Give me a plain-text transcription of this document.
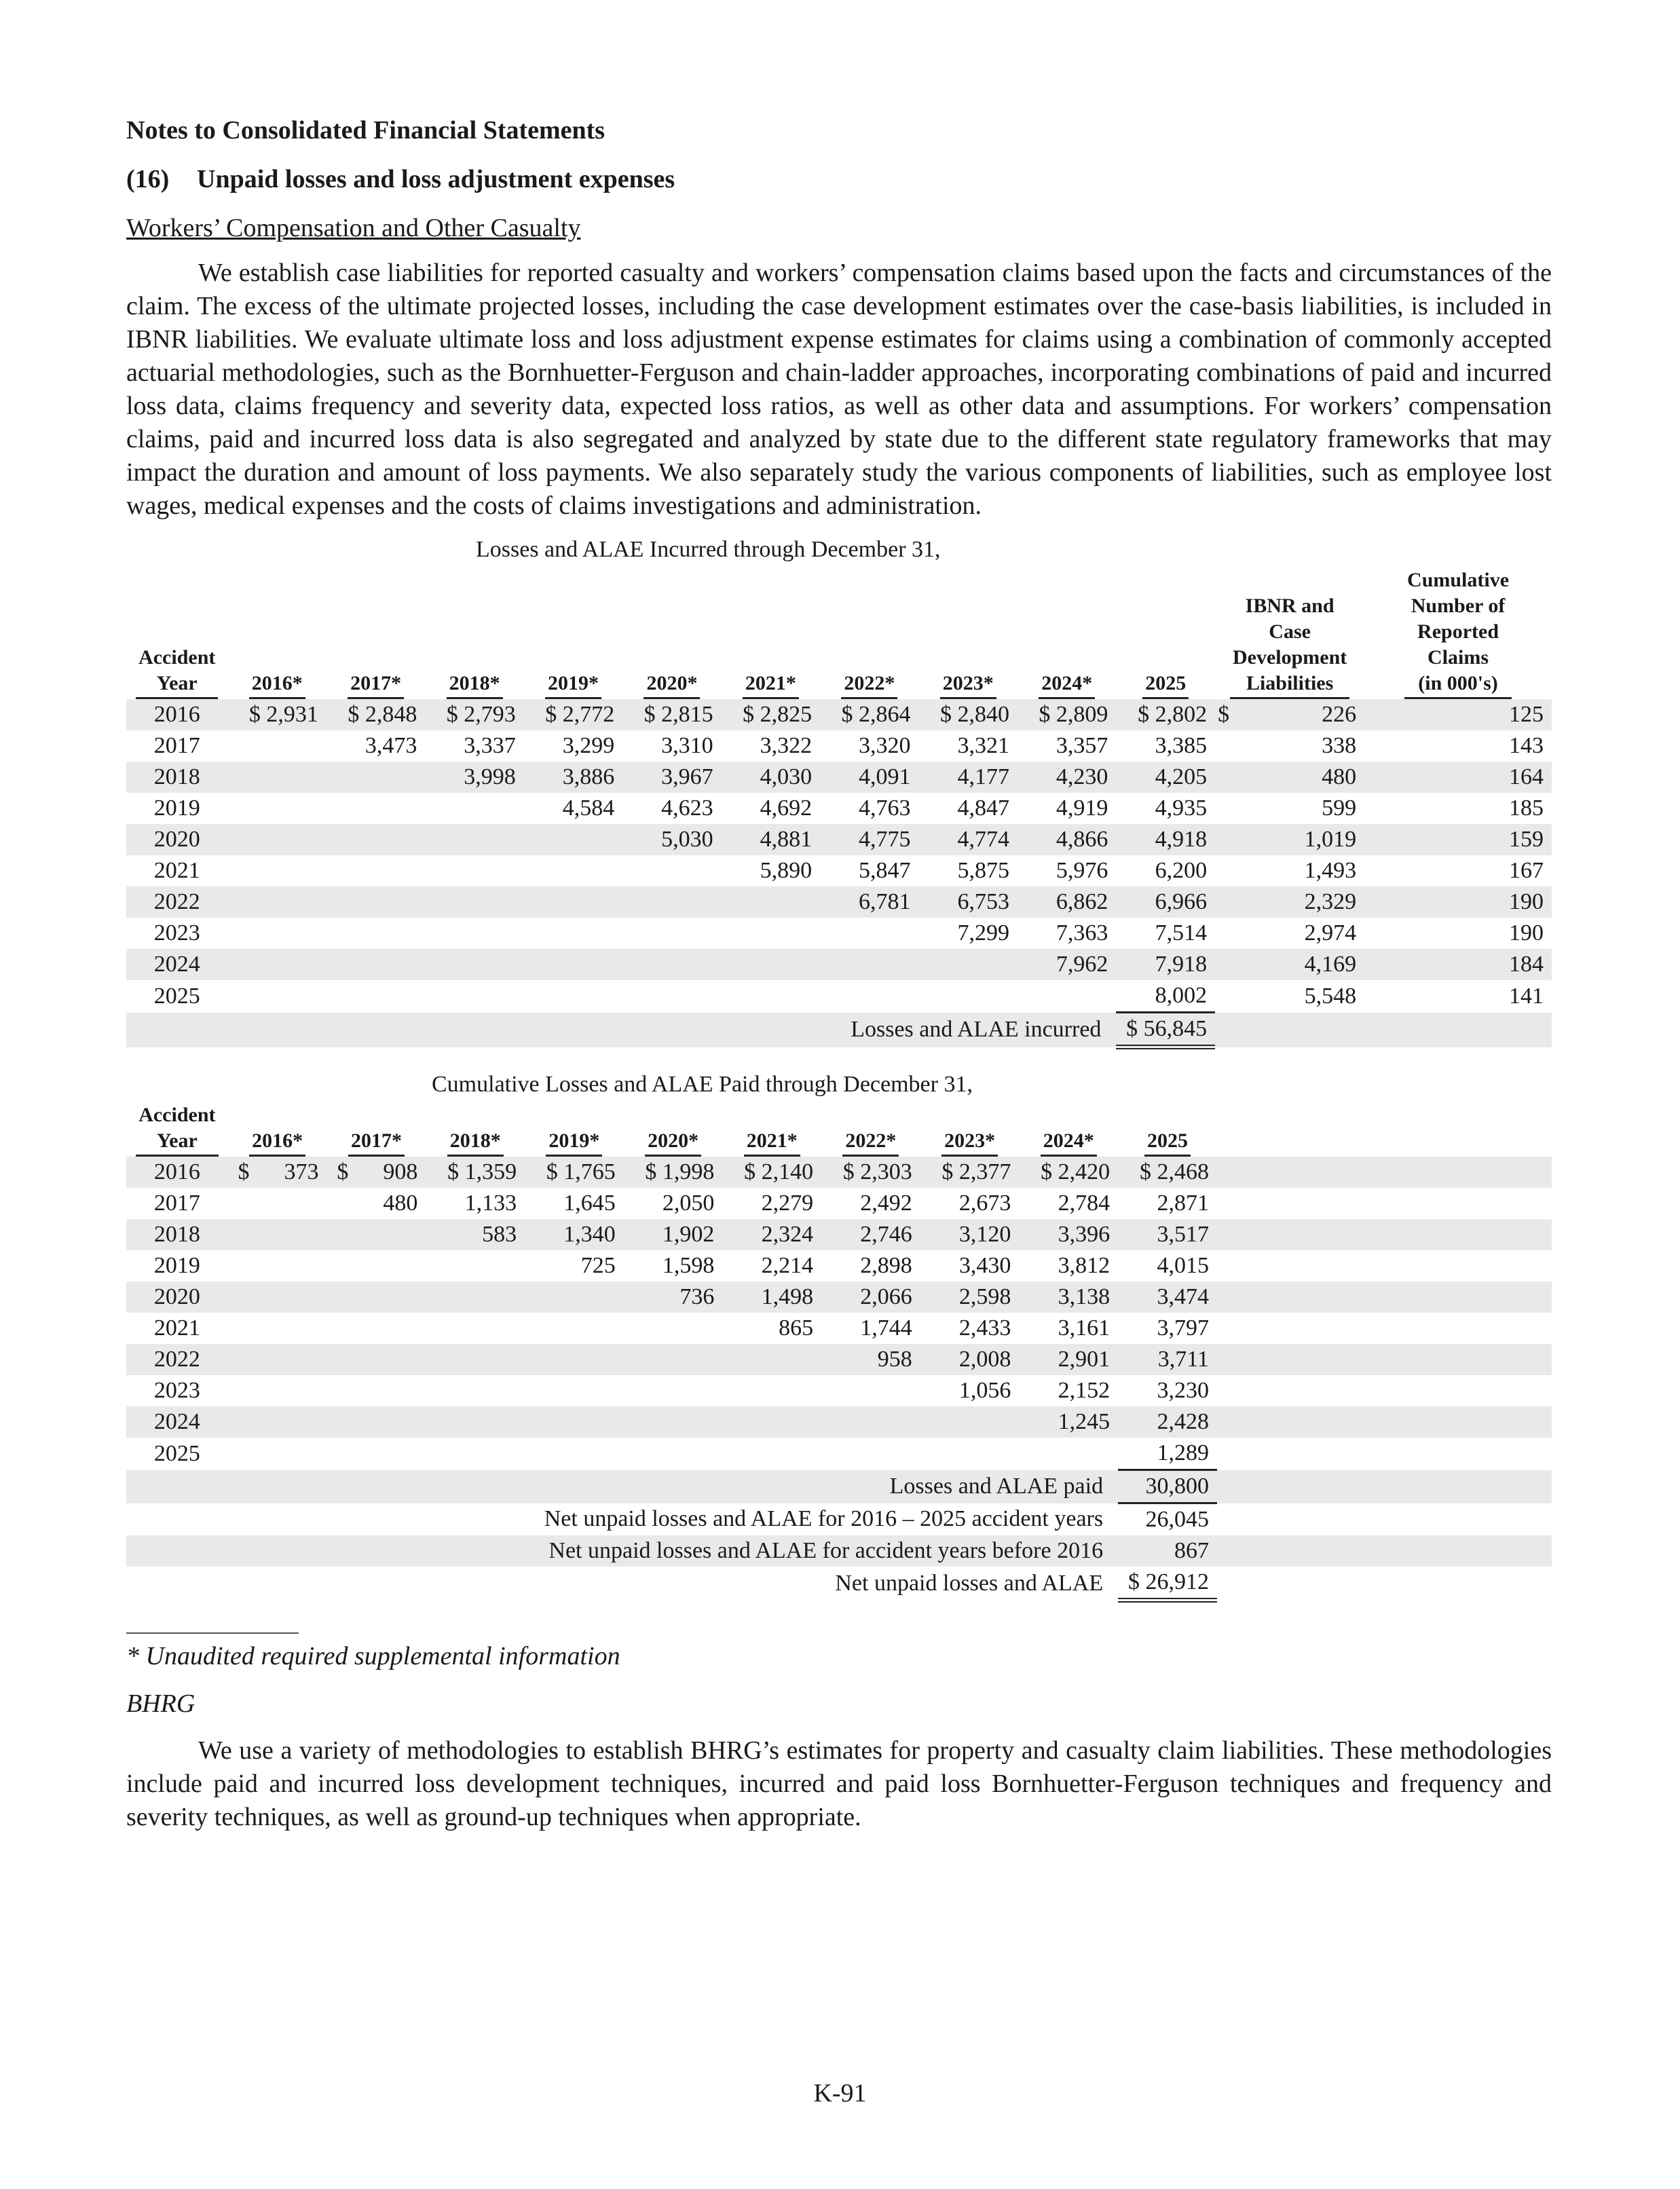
Notes to Consolidated Financial Statements
(16) Unpaid losses and loss adjustment expenses
Workers’ Compensation and Other Casualty

We establish case liabilities for reported casualty and workers’ compensation claims based upon the facts and circumstances of the claim. The excess of the ultimate projected losses, including the case development estimates over the case-basis liabilities, is included in IBNR liabilities. We evaluate ultimate loss and loss adjustment expense estimates for claims using a combination of commonly accepted actuarial methodologies, such as the Bornhuetter-Ferguson and chain-ladder approaches, incorporating combinations of paid and incurred loss data, claims frequency and severity data, expected loss ratios, as well as other data and assumptions. For workers’ compensation claims, paid and incurred loss data is also segregated and analyzed by state due to the different state regulatory frameworks that may impact the duration and amount of loss payments. We also separately study the various components of liabilities, such as employee lost wages, medical expenses and the costs of claims investigations and administration.

Losses and ALAE Incurred through December 31,
Accident
Year	2016*	2017*	2018*	2019*	2020*	2021*	2022*	2023*	2024*	2025	IBNR and
Case
Development
Liabilities	Cumulative
Number of
Reported
Claims
(in 000's)
2016	$ 2,931	$ 2,848	$ 2,793	$ 2,772	$ 2,815	$ 2,825	$ 2,864	$ 2,840	$ 2,809	$ 2,802	$                226	125
2017		3,473	3,337	3,299	3,310	3,322	3,320	3,321	3,357	3,385	338	143
2018			3,998	3,886	3,967	4,030	4,091	4,177	4,230	4,205	480	164
2019				4,584	4,623	4,692	4,763	4,847	4,919	4,935	599	185
2020					5,030	4,881	4,775	4,774	4,866	4,918	1,019	159
2021						5,890	5,847	5,875	5,976	6,200	1,493	167
2022							6,781	6,753	6,862	6,966	2,329	190
2023								7,299	7,363	7,514	2,974	190
2024									7,962	7,918	4,169	184
2025										8,002	5,548	141
Losses and ALAE incurred										$ 56,845		
Cumulative Losses and ALAE Paid through December 31,
Accident
Year	2016*	2017*	2018*	2019*	2020*	2021*	2022*	2023*	2024*	2025	
2016	$      373	$      908	$ 1,359	$ 1,765	$ 1,998	$ 2,140	$ 2,303	$ 2,377	$ 2,420	$ 2,468	
2017		480	1,133	1,645	2,050	2,279	2,492	2,673	2,784	2,871	
2018			583	1,340	1,902	2,324	2,746	3,120	3,396	3,517	
2019				725	1,598	2,214	2,898	3,430	3,812	4,015	
2020					736	1,498	2,066	2,598	3,138	3,474	
2021						865	1,744	2,433	3,161	3,797	
2022							958	2,008	2,901	3,711	
2023								1,056	2,152	3,230	
2024									1,245	2,428	
2025										1,289	
Losses and ALAE paid										30,800	
Net unpaid losses and ALAE for 2016 – 2025 accident years										26,045	
Net unpaid losses and ALAE for accident years before 2016										867	
Net unpaid losses and ALAE										$ 26,912	
* Unaudited required supplemental information
BHRG

We use a variety of methodologies to establish BHRG’s estimates for property and casualty claim liabilities. These methodologies include paid and incurred loss development techniques, incurred and paid loss Bornhuetter-Ferguson techniques and frequency and severity techniques, as well as ground-up techniques when appropriate.

K-91
